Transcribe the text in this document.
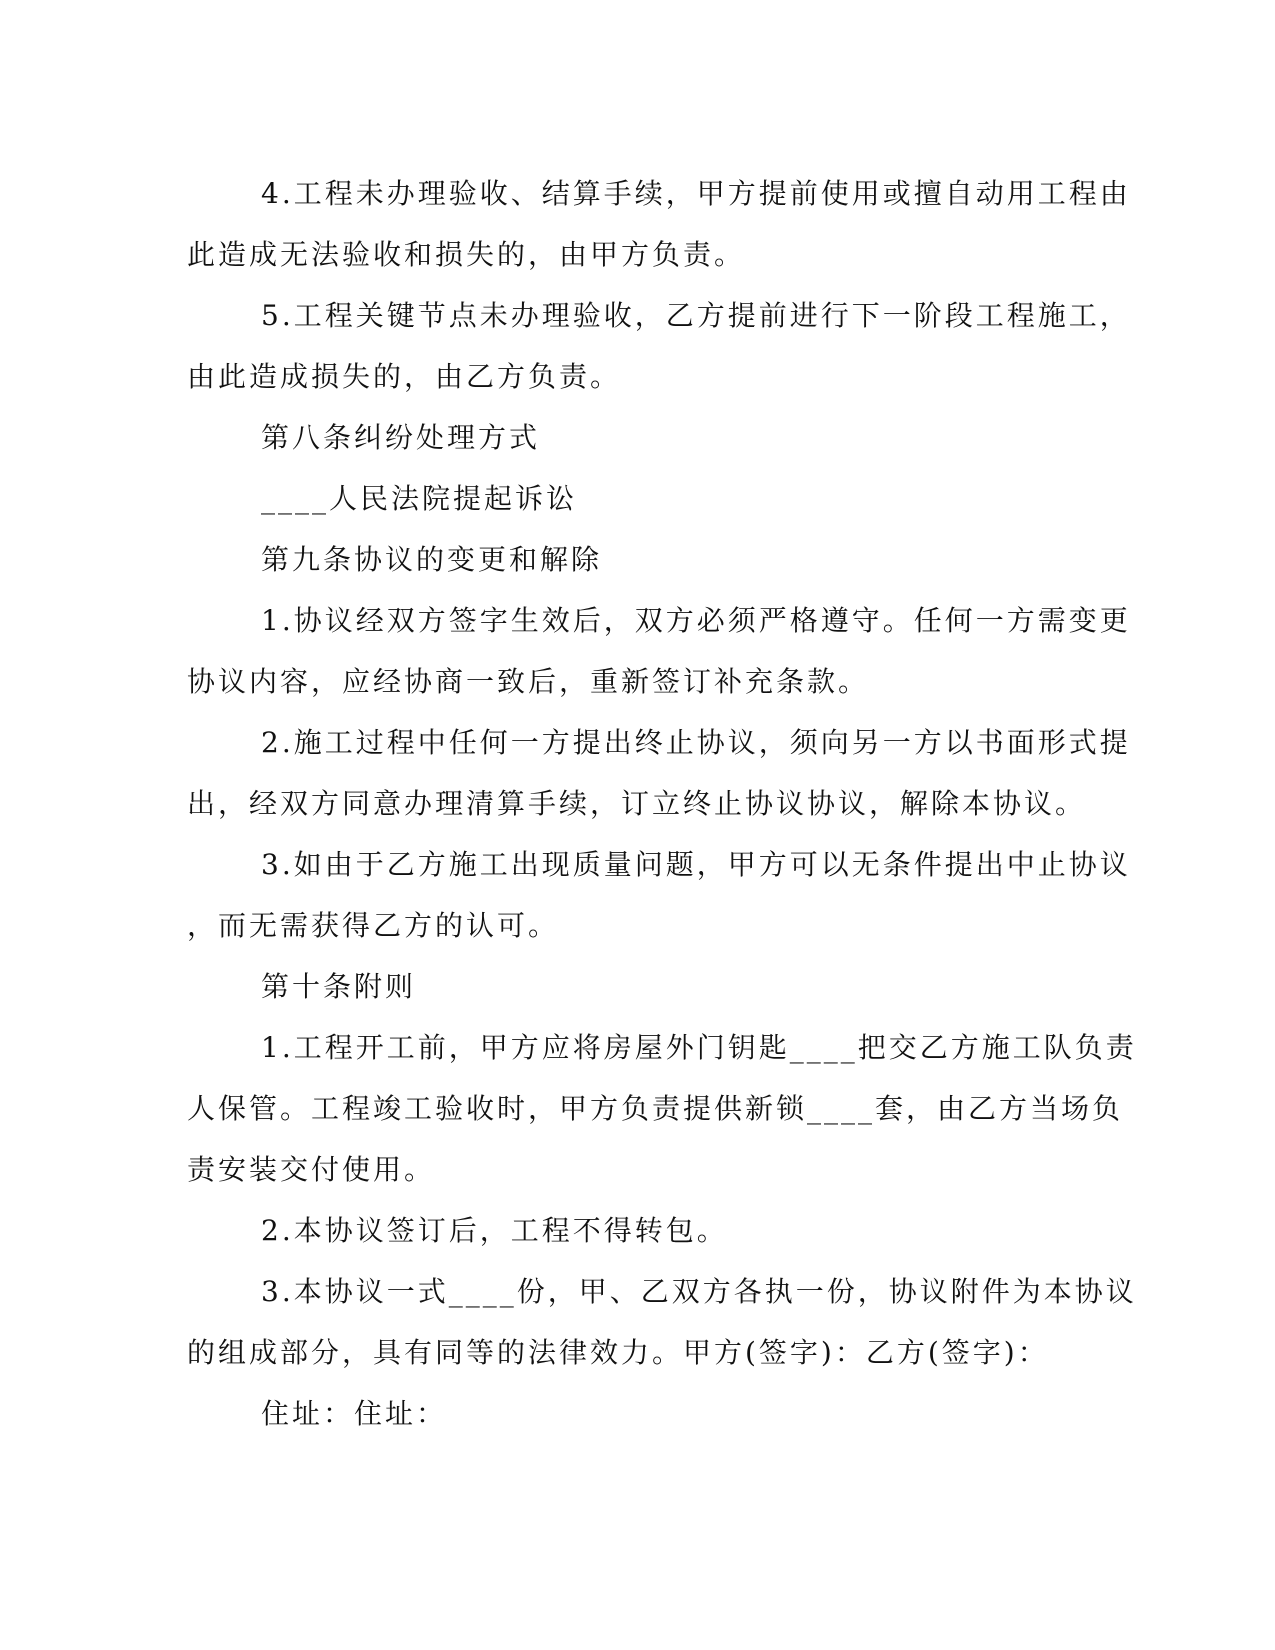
4.工程未办理验收、结算手续，甲方提前使用或擅自动用工程由
此造成无法验收和损失的，由甲方负责。

5.工程关键节点未办理验收，乙方提前进行下一阶段工程施工，
由此造成损失的，由乙方负责。

第八条纠纷处理方式

____人民法院提起诉讼

第九条协议的变更和解除

1.协议经双方签字生效后，双方必须严格遵守。任何一方需变更
协议内容，应经协商一致后，重新签订补充条款。

2.施工过程中任何一方提出终止协议，须向另一方以书面形式提
出，经双方同意办理清算手续，订立终止协议协议，解除本协议。

3.如由于乙方施工出现质量问题，甲方可以无条件提出中止协议
，而无需获得乙方的认可。

第十条附则

1.工程开工前，甲方应将房屋外门钥匙____把交乙方施工队负责
人保管。工程竣工验收时，甲方负责提供新锁____套，由乙方当场负
责安装交付使用。

2.本协议签订后，工程不得转包。

3.本协议一式____份，甲、乙双方各执一份，协议附件为本协议
的组成部分，具有同等的法律效力。甲方(签字)：乙方(签字)：

住址：住址：
